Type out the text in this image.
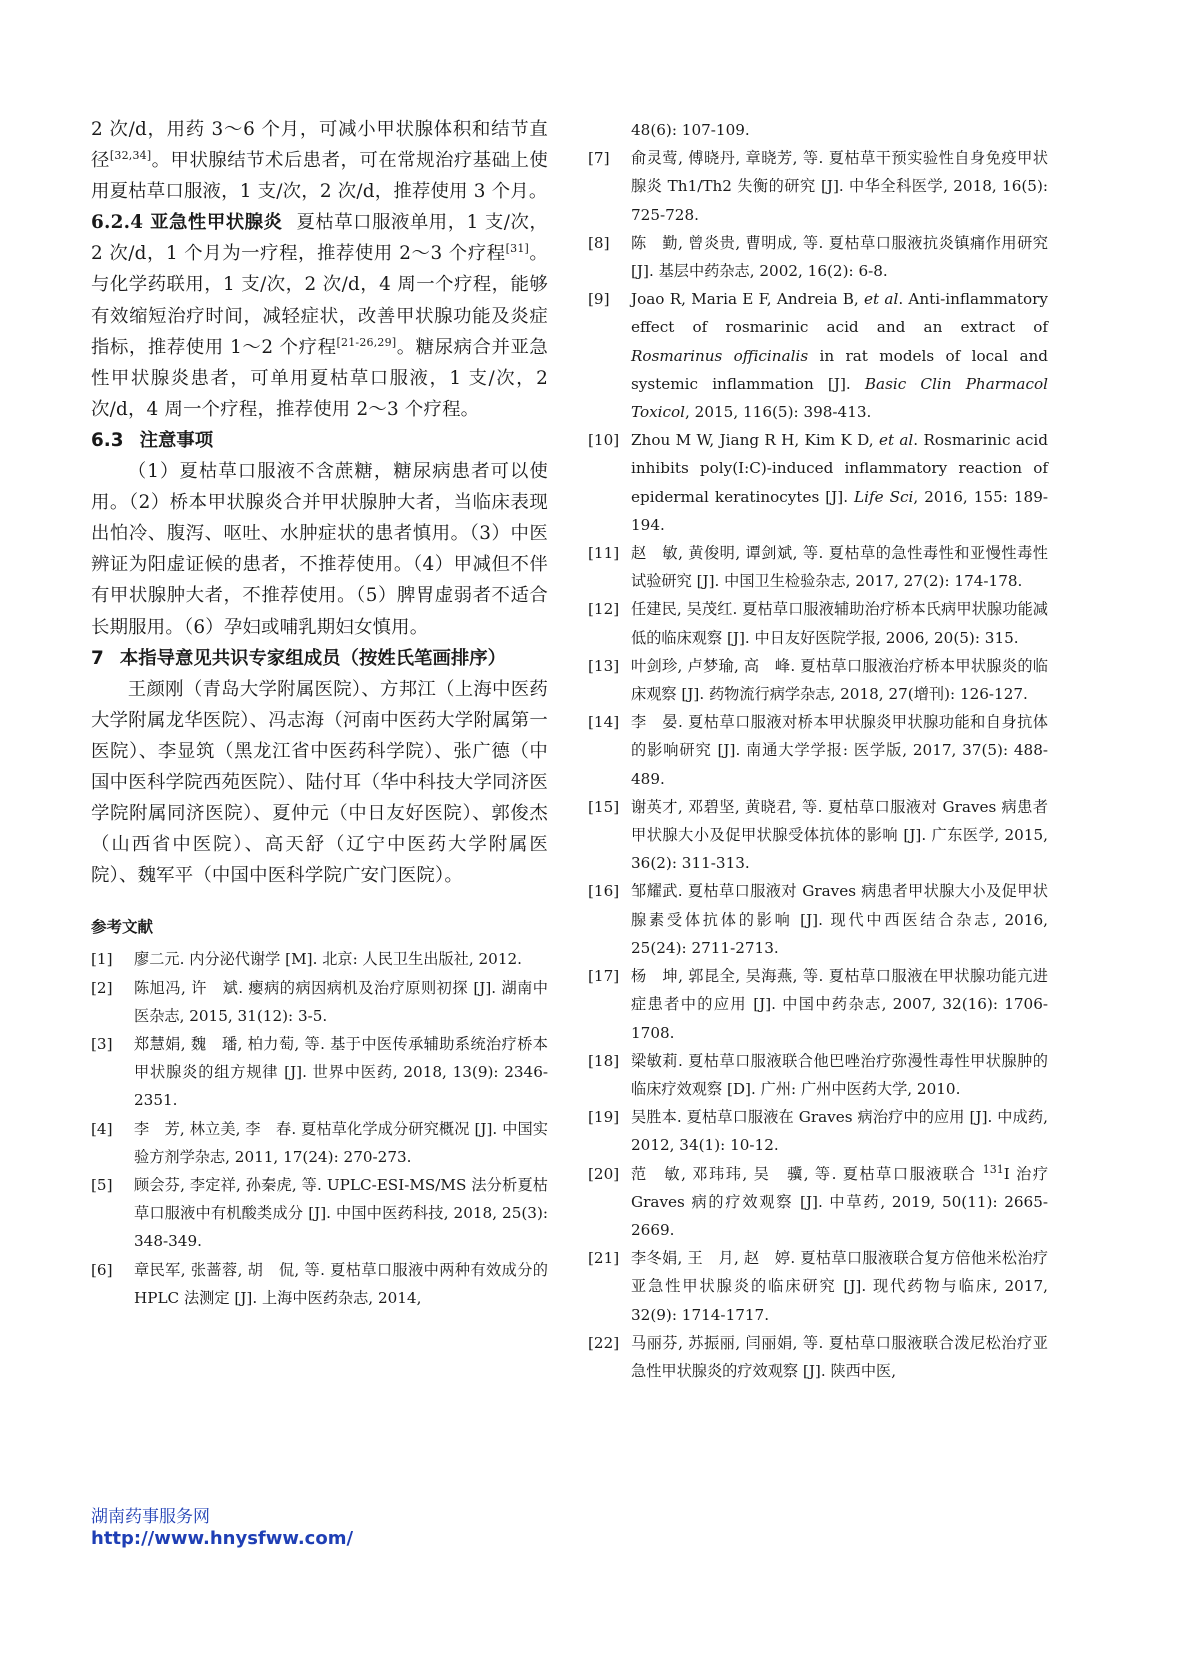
2 次/d，用药 3～6 个月，可减小甲状腺体积和结节直径[32,34]。甲状腺结节术后患者，可在常规治疗基础上使用夏枯草口服液，1 支/次，2 次/d，推荐使用 3 个月。

6.2.4 亚急性甲状腺炎 夏枯草口服液单用，1 支/次，2 次/d，1 个月为一疗程，推荐使用 2～3 个疗程[31]。与化学药联用，1 支/次，2 次/d，4 周一个疗程，能够有效缩短治疗时间，减轻症状，改善甲状腺功能及炎症指标，推荐使用 1～2 个疗程[21-26,29]。糖尿病合并亚急性甲状腺炎患者，可单用夏枯草口服液，1 支/次，2 次/d，4 周一个疗程，推荐使用 2～3 个疗程。

6.3 注意事项

（1）夏枯草口服液不含蔗糖，糖尿病患者可以使用。（2）桥本甲状腺炎合并甲状腺肿大者，当临床表现出怕冷、腹泻、呕吐、水肿症状的患者慎用。（3）中医辨证为阳虚证候的患者，不推荐使用。（4）甲减但不伴有甲状腺肿大者，不推荐使用。（5）脾胃虚弱者不适合长期服用。（6）孕妇或哺乳期妇女慎用。

7 本指导意见共识专家组成员（按姓氏笔画排序）

王颜刚（青岛大学附属医院）、方邦江（上海中医药大学附属龙华医院）、冯志海（河南中医药大学附属第一医院）、李显筑（黑龙江省中医药科学院）、张广德（中国中医科学院西苑医院）、陆付耳（华中科技大学同济医学院附属同济医院）、夏仲元（中日友好医院）、郭俊杰（山西省中医院）、高天舒（辽宁中医药大学附属医院）、魏军平（中国中医科学院广安门医院）。

参考文献
[1]	廖二元. 内分泌代谢学 [M]. 北京: 人民卫生出版社, 2012.
[2]	陈旭冯, 许　斌. 瘿病的病因病机及治疗原则初探 [J]. 湖南中医杂志, 2015, 31(12): 3-5.
[3]	郑慧娟, 魏　璠, 柏力萄, 等. 基于中医传承辅助系统治疗桥本甲状腺炎的组方规律 [J]. 世界中医药, 2018, 13(9): 2346-2351.
[4]	李　芳, 林立美, 李　春. 夏枯草化学成分研究概况 [J]. 中国实验方剂学杂志, 2011, 17(24): 270-273.
[5]	顾会芬, 李定祥, 孙秦虎, 等. UPLC-ESI-MS/MS 法分析夏枯草口服液中有机酸类成分 [J]. 中国中医药科技, 2018, 25(3): 348-349.
[6]	章民军, 张蔷蓉, 胡　侃, 等. 夏枯草口服液中两种有效成分的 HPLC 法测定 [J]. 上海中医药杂志, 2014,
48(6): 107-109.
[7]	俞灵莺, 傅晓丹, 章晓芳, 等. 夏枯草干预实验性自身免疫甲状腺炎 Th1/Th2 失衡的研究 [J]. 中华全科医学, 2018, 16(5): 725-728.
[8]	陈　勤, 曾炎贵, 曹明成, 等. 夏枯草口服液抗炎镇痛作用研究 [J]. 基层中药杂志, 2002, 16(2): 6-8.
[9]	Joao R, Maria E F, Andreia B, et al. Anti-inflammatory effect of rosmarinic acid and an extract of Rosmarinus officinalis in rat models of local and systemic inflammation [J]. Basic Clin Pharmacol Toxicol, 2015, 116(5): 398-413.
[10] Zhou M W, Jiang R H, Kim K D, et al. Rosmarinic acid inhibits poly(I:C)-induced inflammatory reaction of epidermal keratinocytes [J]. Life Sci, 2016, 155: 189-194.
[11] 赵　敏, 黄俊明, 谭剑斌, 等. 夏枯草的急性毒性和亚慢性毒性试验研究 [J]. 中国卫生检验杂志, 2017, 27(2): 174-178.
[12] 任建民, 吴茂红. 夏枯草口服液辅助治疗桥本氏病甲状腺功能减低的临床观察 [J]. 中日友好医院学报, 2006, 20(5): 315.
[13] 叶剑珍, 卢梦瑜, 高　峰. 夏枯草口服液治疗桥本甲状腺炎的临床观察 [J]. 药物流行病学杂志, 2018, 27(增刊): 126-127.
[14] 李　晏. 夏枯草口服液对桥本甲状腺炎甲状腺功能和自身抗体的影响研究 [J]. 南通大学学报: 医学版, 2017, 37(5): 488-489.
[15] 谢英才, 邓碧坚, 黄晓君, 等. 夏枯草口服液对 Graves 病患者甲状腺大小及促甲状腺受体抗体的影响 [J]. 广东医学, 2015, 36(2): 311-313.
[16] 邹耀武. 夏枯草口服液对 Graves 病患者甲状腺大小及促甲状腺素受体抗体的影响 [J]. 现代中西医结合杂志, 2016, 25(24): 2711-2713.
[17] 杨　坤, 郭昆全, 吴海燕, 等. 夏枯草口服液在甲状腺功能亢进症患者中的应用 [J]. 中国中药杂志, 2007, 32(16): 1706-1708.
[18] 梁敏莉. 夏枯草口服液联合他巴唑治疗弥漫性毒性甲状腺肿的临床疗效观察 [D]. 广州: 广州中医药大学, 2010.
[19] 吴胜本. 夏枯草口服液在 Graves 病治疗中的应用 [J]. 中成药, 2012, 34(1): 10-12.
[20] 范　敏, 邓玮玮, 吴　骥, 等. 夏枯草口服液联合 $^{131}$I 治疗 Graves 病的疗效观察 [J]. 中草药, 2019, 50(11): 2665-2669.
[21] 李冬娟, 王　月, 赵　婷. 夏枯草口服液联合复方倍他米松治疗亚急性甲状腺炎的临床研究 [J]. 现代药物与临床, 2017, 32(9): 1714-1717.
[22] 马丽芬, 苏振丽, 闫丽娟, 等. 夏枯草口服液联合泼尼松治疗亚急性甲状腺炎的疗效观察 [J]. 陕西中医,
湖南药事服务网
http://www.hnysfww.com/
